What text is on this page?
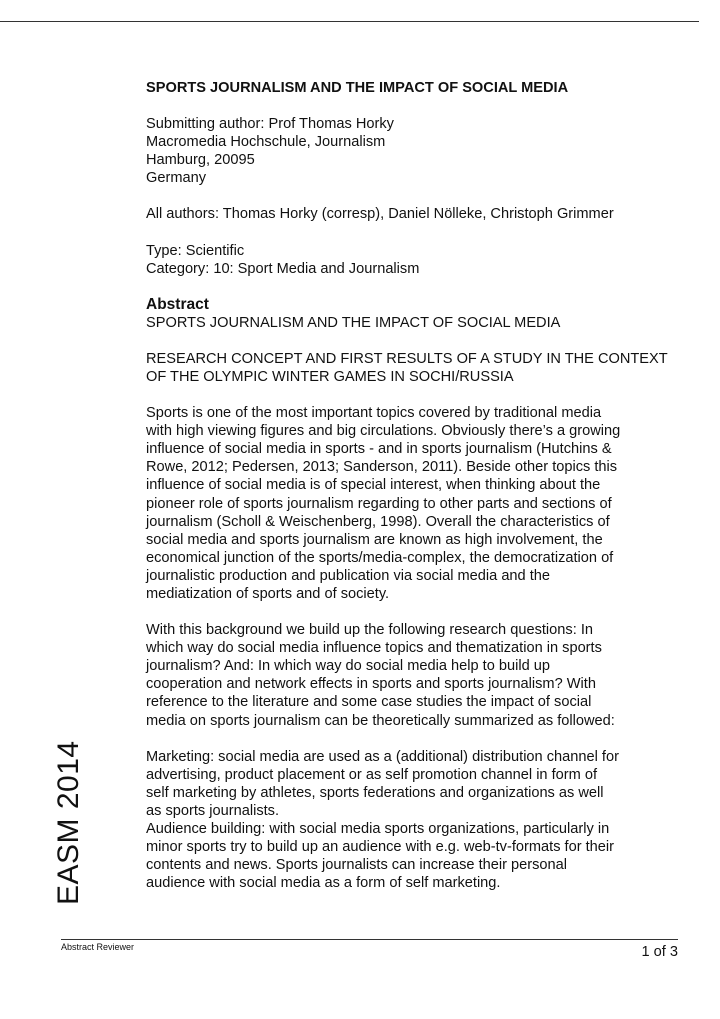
EASM 2014

SPORTS JOURNALISM AND THE IMPACT OF SOCIAL MEDIA

Submitting author: Prof Thomas Horky

Macromedia Hochschule, Journalism

Hamburg, 20095

Germany

All authors: Thomas Horky (corresp), Daniel Nölleke, Christoph Grimmer

Type: Scientific

Category: 10: Sport Media and Journalism

Abstract

SPORTS JOURNALISM AND THE IMPACT OF SOCIAL MEDIA

RESEARCH CONCEPT AND FIRST RESULTS OF A STUDY IN THE CONTEXT OF THE OLYMPIC WINTER GAMES IN SOCHI/RUSSIA

Sports is one of the most important topics covered by traditional media

with high viewing figures and big circulations. Obviously there’s a growing

influence of social media in sports - and in sports journalism (Hutchins &

Rowe, 2012; Pedersen, 2013; Sanderson, 2011). Beside other topics this

influence of social media is of special interest, when thinking about the

pioneer role of sports journalism regarding to other parts and sections of

journalism (Scholl & Weischenberg, 1998). Overall the characteristics of

social media and sports journalism are known as high involvement, the

economical junction of the sports/media-complex, the democratization of

journalistic production and publication via social media and the

mediatization of sports and of society.

With this background we build up the following research questions: In

which way do social media influence topics and thematization in sports

journalism? And: In which way do social media help to build up

cooperation and network effects in sports and sports journalism? With

reference to the literature and some case studies the impact of social

media on sports journalism can be theoretically summarized as followed:

Marketing: social media are used as a (additional) distribution channel for

advertising, product placement or as self promotion channel in form of

self marketing by athletes, sports federations and organizations as well

as sports journalists.

Audience building: with social media sports organizations, particularly in

minor sports try to build up an audience with e.g. web-tv-formats for their

contents and news. Sports journalists can increase their personal

audience with social media as a form of self marketing.

Abstract Reviewer	1 of 3
